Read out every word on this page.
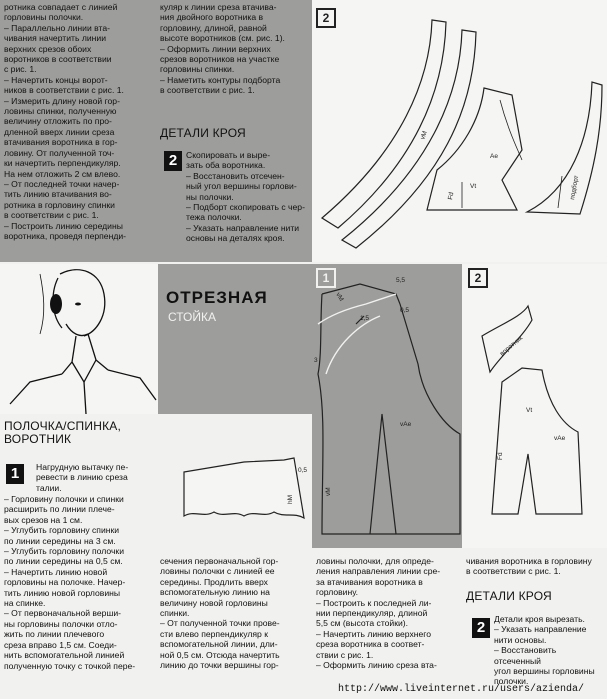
ротника совпадает с линией
горловины полочки.
– Параллельно линии вта-
чивания начертить линии
верхних срезов обоих
воротников в соответствии
с рис. 1.
– Начертить концы ворот-
ников в соответствии с рис. 1.
– Измерить длину новой гор-
ловины спинки, полученную
величину отложить по про-
дленной вверх линии среза
втачивания воротника в гор-
ловину. От полученной точ-
ки начертить перпендикуляр.
На нем отложить 2 см влево.
– От последней точки начер-
тить линию втачивания во-
ротника в горловину спинки
в соответствии с рис. 1.
– Построить линию середины
воротника, проведя перпенди-
куляр к линии среза втачива-
ния двойного воротника в
горловину, длиной, равной
высоте воротников (см. рис. 1).
– Оформить линии верхних
срезов воротников на участке
горловины спинки.
– Наметить контуры подборта
в соответствии с рис. 1.
ДЕТАЛИ КРОЯ
2	Скопировать и выре-
зать оба воротника.
– Восстановить отсечен-
ный угол вершины горлови-
ны полочки.
– Подборт скопировать с чер-
тежа полочки.
– Указать направление нити
основы на деталях кроя.
2
vM
Ae
Vt
Fd	подборт
ОТРЕЗНАЯ
СТОЙКА
1	5,5
0,5
1,5
3
vM
vAe
vM
hM
0,5
2
воротник
Vt
vAe
Fd
ПОЛОЧКА/СПИНКА,
ВОРОТНИК
1	Нагрудную вытачку пе-
ревести в линию среза
талии.
– Горловину полочки и спинки
расширить по линии плече-
вых срезов на 1 см.
– Углубить горловину спинки
по линии середины на 3 см.
– Углубить горловину полочки
по линии середины на 0,5 см.
– Начертить линию новой
горловины на полочке. Начер-
тить линию новой горловины
на спинке.
– От первоначальной верши-
ны горловины полочки отло-
жить по линии плечевого
среза вправо 1,5 см. Соеди-
нить вспомогательной линией
полученную точку с точкой пере-
сечения первоначальной гор-
ловины полочки с линией ее
середины. Продлить вверх
вспомогательную линию на
величину новой горловины
спинки.
– От полученной точки прове-
сти влево перпендикуляр к
вспомогательной линии, дли-
ной 0,5 см. Отсюда начертить
линию до точки вершины гор-
ловины полочки, для опреде-
ления направления линии сре-
за втачивания воротника в
горловину.
– Построить к последней ли-
нии перпендикуляр, длиной
5,5 см (высота стойки).
– Начертить линию верхнего
среза воротника в соответ-
ствии с рис. 1.
– Оформить линию среза вта-
чивания воротника в горловину
в соответствии с рис. 1.
ДЕТАЛИ КРОЯ
2	Детали кроя вырезать.
– Указать направление
нити основы.
– Восстановить отсеченный
угол вершины горловины
полочки.
http://www.liveinternet.ru/users/azienda/
